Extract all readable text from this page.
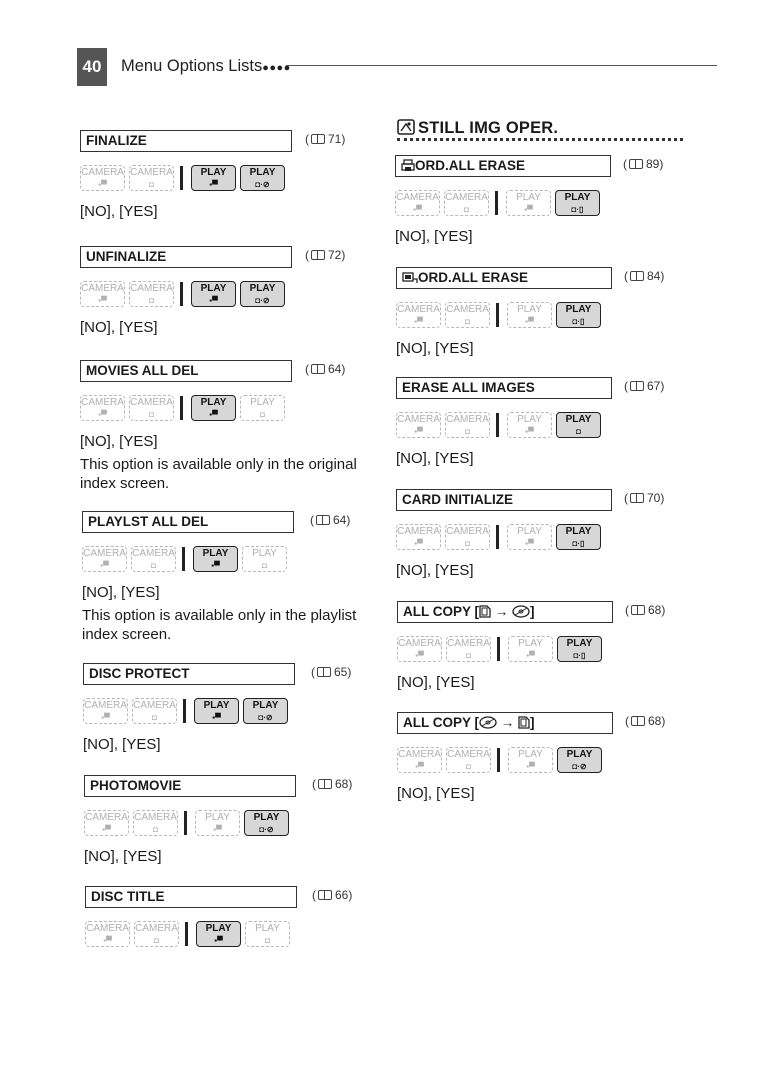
40	Menu Options Lists●●●●
STILL IMG OPER.
FINALIZE	( 71)
CAMERA
▪▀
CAMERA
◘
PLAY
▪▀
PLAY
◘·⊘
[NO], [YES]
UNFINALIZE	( 72)
CAMERA
▪▀
CAMERA
◘
PLAY
▪▀
PLAY
◘·⊘
[NO], [YES]
MOVIES ALL DEL	( 64)
CAMERA
▪▀
CAMERA
◘
PLAY
▪▀
PLAY
◘
[NO], [YES]
This option is available only in the original index screen.
PLAYLST ALL DEL	( 64)
CAMERA
▪▀
CAMERA
◘
PLAY
▪▀
PLAY
◘
[NO], [YES]
This option is available only in the playlist index screen.
DISC PROTECT	( 65)
CAMERA
▪▀
CAMERA
◘
PLAY
▪▀
PLAY
◘·⊘
[NO], [YES]
PHOTOMOVIE	( 68)
CAMERA
▪▀
CAMERA
◘
PLAY
▪▀
PLAY
◘·⊘
[NO], [YES]
DISC TITLE	( 66)
CAMERA
▪▀
CAMERA
◘
PLAY
▪▀
PLAY
◘
ORD.ALL ERASE	( 89)
CAMERA
▪▀
CAMERA
◘
PLAY
▪▀
PLAY
◘·▯
[NO], [YES]
ORD.ALL ERASE	( 84)
CAMERA
▪▀
CAMERA
◘
PLAY
▪▀
PLAY
◘·▯
[NO], [YES]
ERASE ALL IMAGES	( 67)
CAMERA
▪▀
CAMERA
◘
PLAY
▪▀
PLAY
◘
[NO], [YES]
CARD INITIALIZE	( 70)
CAMERA
▪▀
CAMERA
◘
PLAY
▪▀
PLAY
◘·▯
[NO], [YES]
ALL COPY [ → ]	( 68)
CAMERA
▪▀
CAMERA
◘
PLAY
▪▀
PLAY
◘·▯
[NO], [YES]
ALL COPY [ → ]	( 68)
CAMERA
▪▀
CAMERA
◘
PLAY
▪▀
PLAY
◘·⊘
[NO], [YES]
